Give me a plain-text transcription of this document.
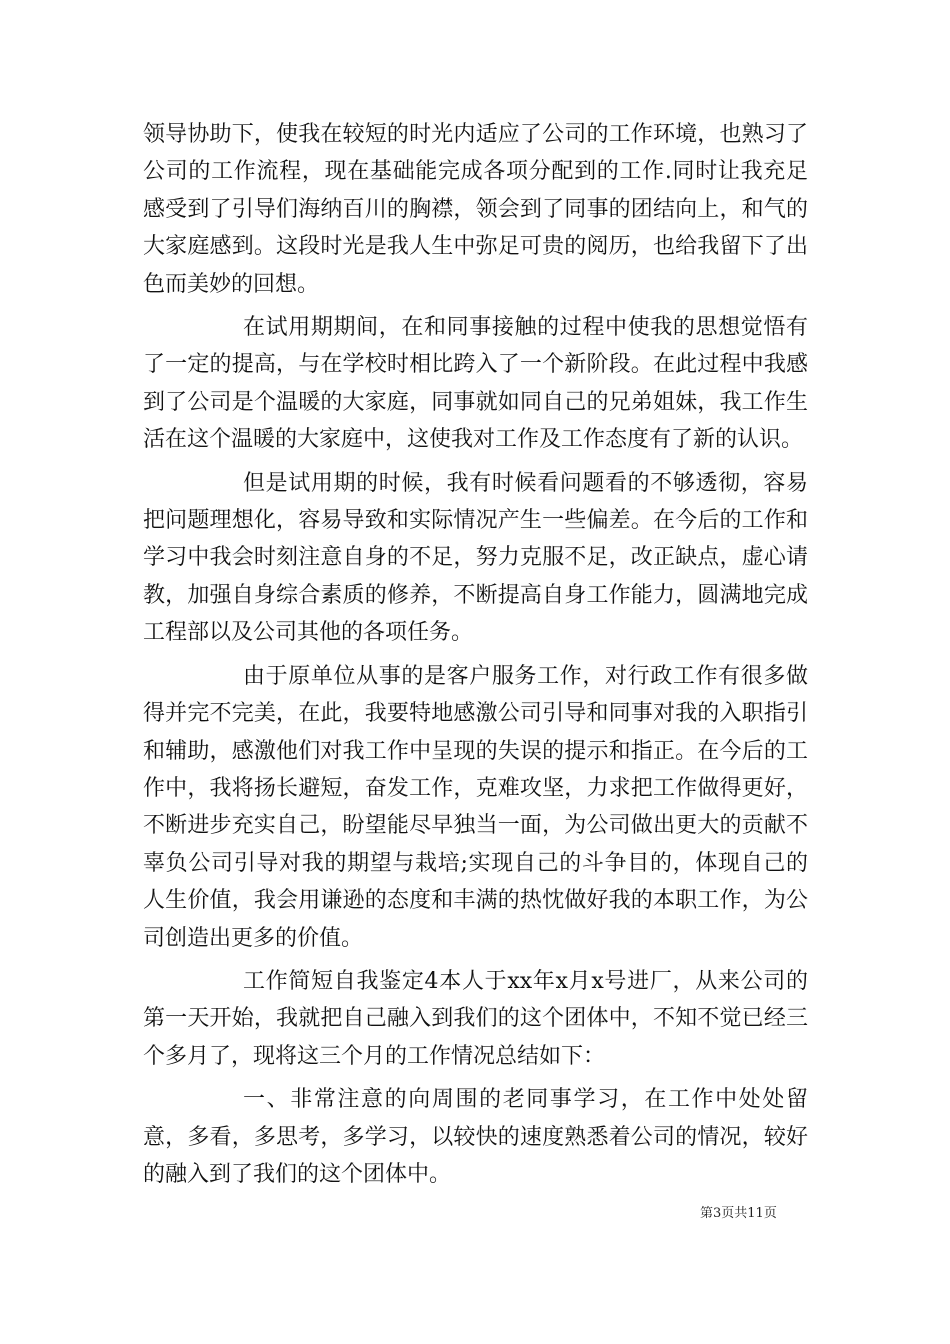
领导协助下，使我在较短的时光内适应了公司的工作环境，也熟习了公司的工作流程，现在基础能完成各项分配到的工作.同时让我充足感受到了引导们海纳百川的胸襟，领会到了同事的团结向上，和气的大家庭感到。这段时光是我人生中弥足可贵的阅历，也给我留下了出色而美妙的回想。

在试用期期间，在和同事接触的过程中使我的思想觉悟有了一定的提高，与在学校时相比跨入了一个新阶段。在此过程中我感到了公司是个温暖的大家庭，同事就如同自己的兄弟姐妹，我工作生活在这个温暖的大家庭中，这使我对工作及工作态度有了新的认识。

但是试用期的时候，我有时候看问题看的不够透彻，容易把问题理想化，容易导致和实际情况产生一些偏差。在今后的工作和学习中我会时刻注意自身的不足，努力克服不足，改正缺点，虚心请教，加强自身综合素质的修养，不断提高自身工作能力，圆满地完成工程部以及公司其他的各项任务。

由于原单位从事的是客户服务工作，对行政工作有很多做得并完不完美，在此，我要特地感激公司引导和同事对我的入职指引和辅助，感激他们对我工作中呈现的失误的提示和指正。在今后的工作中，我将扬长避短，奋发工作，克难攻坚，力求把工作做得更好，不断进步充实自己，盼望能尽早独当一面，为公司做出更大的贡献不辜负公司引导对我的期望与栽培;实现自己的斗争目的，体现自己的人生价值，我会用谦逊的态度和丰满的热忱做好我的本职工作，为公司创造出更多的价值。

工作简短自我鉴定4本人于xx年x月x号进厂，从来公司的第一天开始，我就把自己融入到我们的这个团体中，不知不觉已经三个多月了，现将这三个月的工作情况总结如下：

一、非常注意的向周围的老同事学习，在工作中处处留意，多看，多思考，多学习，以较快的速度熟悉着公司的情况，较好的融入到了我们的这个团体中。

第3页共11页
